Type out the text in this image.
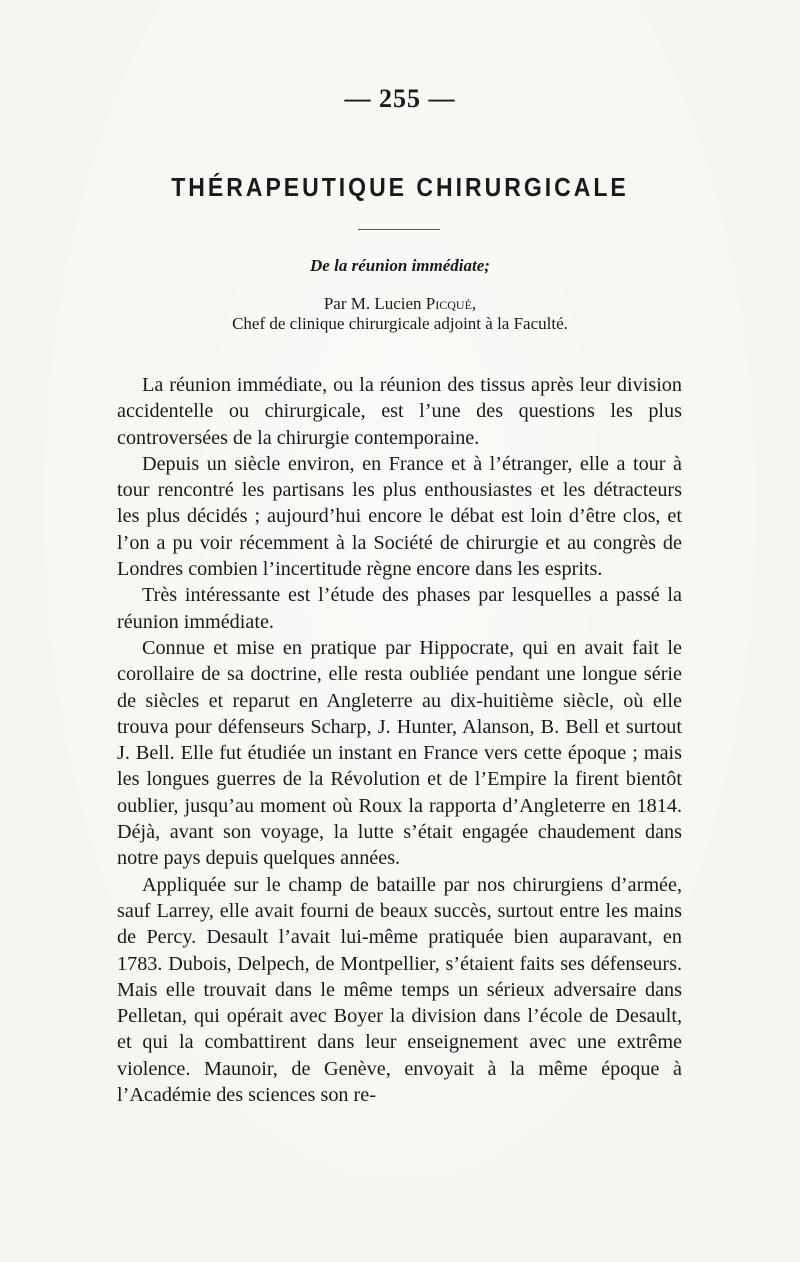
— 255 —
THÉRAPEUTIQUE CHIRURGICALE
De la réunion immédiate;
Par M. Lucien Picqué,
Chef de clinique chirurgicale adjoint à la Faculté.

La réunion immédiate, ou la réunion des tissus après leur division accidentelle ou chirurgicale, est l’une des questions les plus controversées de la chirurgie contemporaine.

Depuis un siècle environ, en France et à l’étranger, elle a tour à tour rencontré les partisans les plus enthousiastes et les détracteurs les plus décidés ; aujourd’hui encore le débat est loin d’être clos, et l’on a pu voir récemment à la Société de chirurgie et au congrès de Londres combien l’incertitude règne encore dans les esprits.

Très intéressante est l’étude des phases par lesquelles a passé la réunion immédiate.

Connue et mise en pratique par Hippocrate, qui en avait fait le corollaire de sa doctrine, elle resta oubliée pendant une longue série de siècles et reparut en Angleterre au dix-huitième siècle, où elle trouva pour défenseurs Scharp, J. Hunter, Alanson, B. Bell et surtout J. Bell. Elle fut étudiée un instant en France vers cette époque ; mais les longues guerres de la Révolution et de l’Empire la firent bientôt oublier, jusqu’au moment où Roux la rapporta d’Angleterre en 1814. Déjà, avant son voyage, la lutte s’était engagée chaudement dans notre pays depuis quelques années.

Appliquée sur le champ de bataille par nos chirurgiens d’armée, sauf Larrey, elle avait fourni de beaux succès, surtout entre les mains de Percy. Desault l’avait lui-même pratiquée bien auparavant, en 1783. Dubois, Delpech, de Montpellier, s’étaient faits ses défenseurs. Mais elle trouvait dans le même temps un sérieux adversaire dans Pelletan, qui opérait avec Boyer la division dans l’école de Desault, et qui la combattirent dans leur enseignement avec une extrême violence. Maunoir, de Genève, envoyait à la même époque à l’Académie des sciences son re-
